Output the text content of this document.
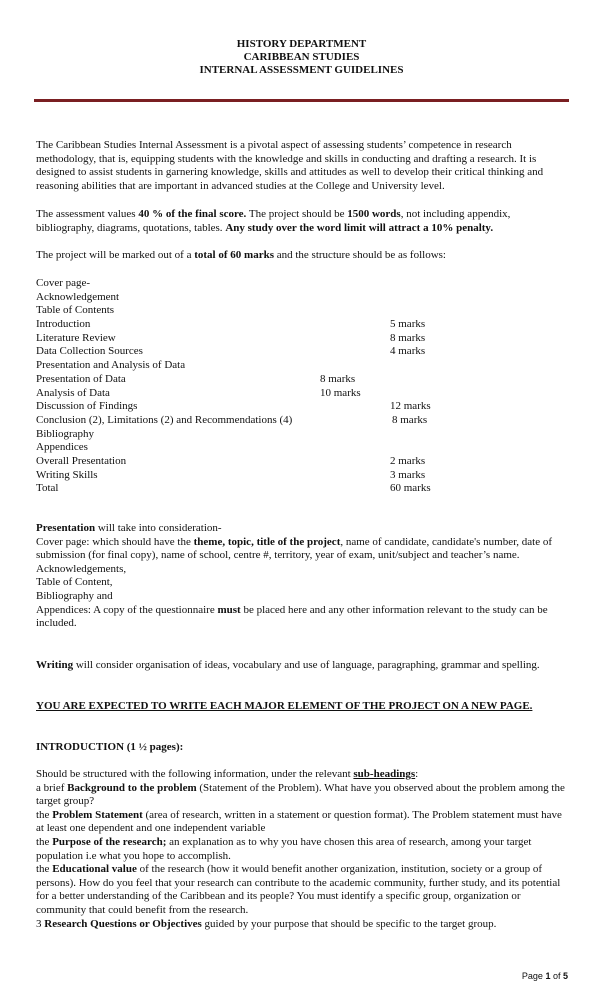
HISTORY DEPARTMENT
CARIBBEAN STUDIES
INTERNAL ASSESSMENT GUIDELINES

The Caribbean Studies Internal Assessment is a pivotal aspect of assessing students’ competence in research methodology, that is, equipping students with the knowledge and skills in conducting and drafting a research. It is designed to assist students in garnering knowledge, skills and attitudes as well to develop their critical thinking and reasoning abilities that are important in advanced studies at the College and University level.

The assessment values 40 % of the final score. The project should be 1500 words, not including appendix, bibliography, diagrams, quotations, tables. Any study over the word limit will attract a 10% penalty.

The project will be marked out of a total of 60 marks and the structure should be as follows:

Cover page-
Acknowledgement
Table of Contents
Introduction	5 marks
Literature Review	8 marks
Data Collection Sources	4 marks
Presentation and Analysis of Data
Presentation of Data	8 marks
Analysis of Data	10 marks
Discussion of Findings	12 marks
Conclusion (2), Limitations (2) and Recommendations (4)	8 marks
Bibliography
Appendices
Overall Presentation	2 marks
Writing Skills	3 marks
Total	60 marks

Presentation will take into consideration-

Cover page: which should have the theme, topic, title of the project, name of candidate, candidate's number, date of submission (for final copy), name of school, centre #, territory, year of exam, unit/subject and teacher’s name.

Acknowledgements,

Table of Content,

Bibliography and

Appendices: A copy of the questionnaire must be placed here and any other information relevant to the study can be included.

Writing will consider organisation of ideas, vocabulary and use of language, paragraphing, grammar and spelling.

YOU ARE EXPECTED TO WRITE EACH MAJOR ELEMENT OF THE PROJECT ON A NEW PAGE.

INTRODUCTION (1 ½ pages):

Should be structured with the following information, under the relevant sub-headings:

a brief Background to the problem (Statement of the Problem). What have you observed about the problem among the target group?

the Problem Statement (area of research, written in a statement or question format). The Problem statement must have at least one dependent and one independent variable

the Purpose of the research; an explanation as to why you have chosen this area of research, among your target population i.e what you hope to accomplish.

the Educational value of the research (how it would benefit another organization, institution, society or a group of persons). How do you feel that your research can contribute to the academic community, further study, and its potential for a better understanding of the Caribbean and its people? You must identify a specific group, organization or community that could benefit from the research.

3 Research Questions or Objectives guided by your purpose that should be specific to the target group.

Page 1 of 5
